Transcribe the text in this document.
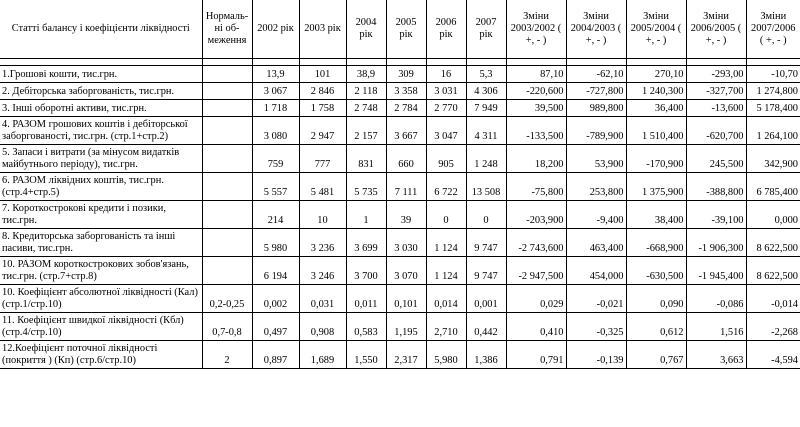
Статті балансу і коефіцієнти ліквідності	Нормаль-ні об-меження	2002 рік	2003 рік	2004 рік	2005 рік	2006 рік	2007 рік	Зміни 2003/2002 ( +, - )	Зміни 2004/2003 ( +, - )	Зміни 2005/2004 ( +, - )	Зміни 2006/2005 ( +, - )	Зміни 2007/2006 ( +, - )

1.Грошові кошти, тис.грн.		13,9	101	38,9	309	16	5,3	87,10	-62,10	270,10	-293,00	-10,70
2. Дебіторська заборгованість, тис.грн.		3 067	2 846	2 118	3 358	3 031	4 306	-220,600	-727,800	1 240,300	-327,700	1 274,800
3. Інші оборотні активи, тис.грн.		1 718	1 758	2 748	2 784	2 770	7 949	39,500	989,800	36,400	-13,600	5 178,400
4. РАЗОМ грошових коштів і дебіторської заборгованості, тис.грн. (стр.1+стр.2)		3 080	2 947	2 157	3 667	3 047	4 311	-133,500	-789,900	1 510,400	-620,700	1 264,100
5. Запаси і витрати (за мінусом видатків майбутнього періоду), тис.грн.		759	777	831	660	905	1 248	18,200	53,900	-170,900	245,500	342,900
6. РАЗОМ ліквідних коштів, тис.грн. (стр.4+стр.5)		5 557	5 481	5 735	7 111	6 722	13 508	-75,800	253,800	1 375,900	-388,800	6 785,400
7. Короткострокові кредити і позики, тис.грн.		214	10	1	39	0	0	-203,900	-9,400	38,400	-39,100	0,000
8. Кредиторська заборгованість та інші пасиви, тис.грн.		5 980	3 236	3 699	3 030	1 124	9 747	-2 743,600	463,400	-668,900	-1 906,300	8 622,500
10. РАЗОМ короткострокових зобов'язань, тис.грн. (стр.7+стр.8)		6 194	3 246	3 700	3 070	1 124	9 747	-2 947,500	454,000	-630,500	-1 945,400	8 622,500
10. Коефіцієнт абсолютної ліквідності (Кал) (стр.1/стр.10)	0,2-0,25	0,002	0,031	0,011	0,101	0,014	0,001	0,029	-0,021	0,090	-0,086	-0,014
11. Коефіцієнт швидкої ліквідності (Кбл) (стр.4/стр.10)	0,7-0,8	0,497	0,908	0,583	1,195	2,710	0,442	0,410	-0,325	0,612	1,516	-2,268
12.Коефіцієнт поточної ліквідності (покриття ) (Кп) (стр.6/стр.10)	2	0,897	1,689	1,550	2,317	5,980	1,386	0,791	-0,139	0,767	3,663	-4,594
